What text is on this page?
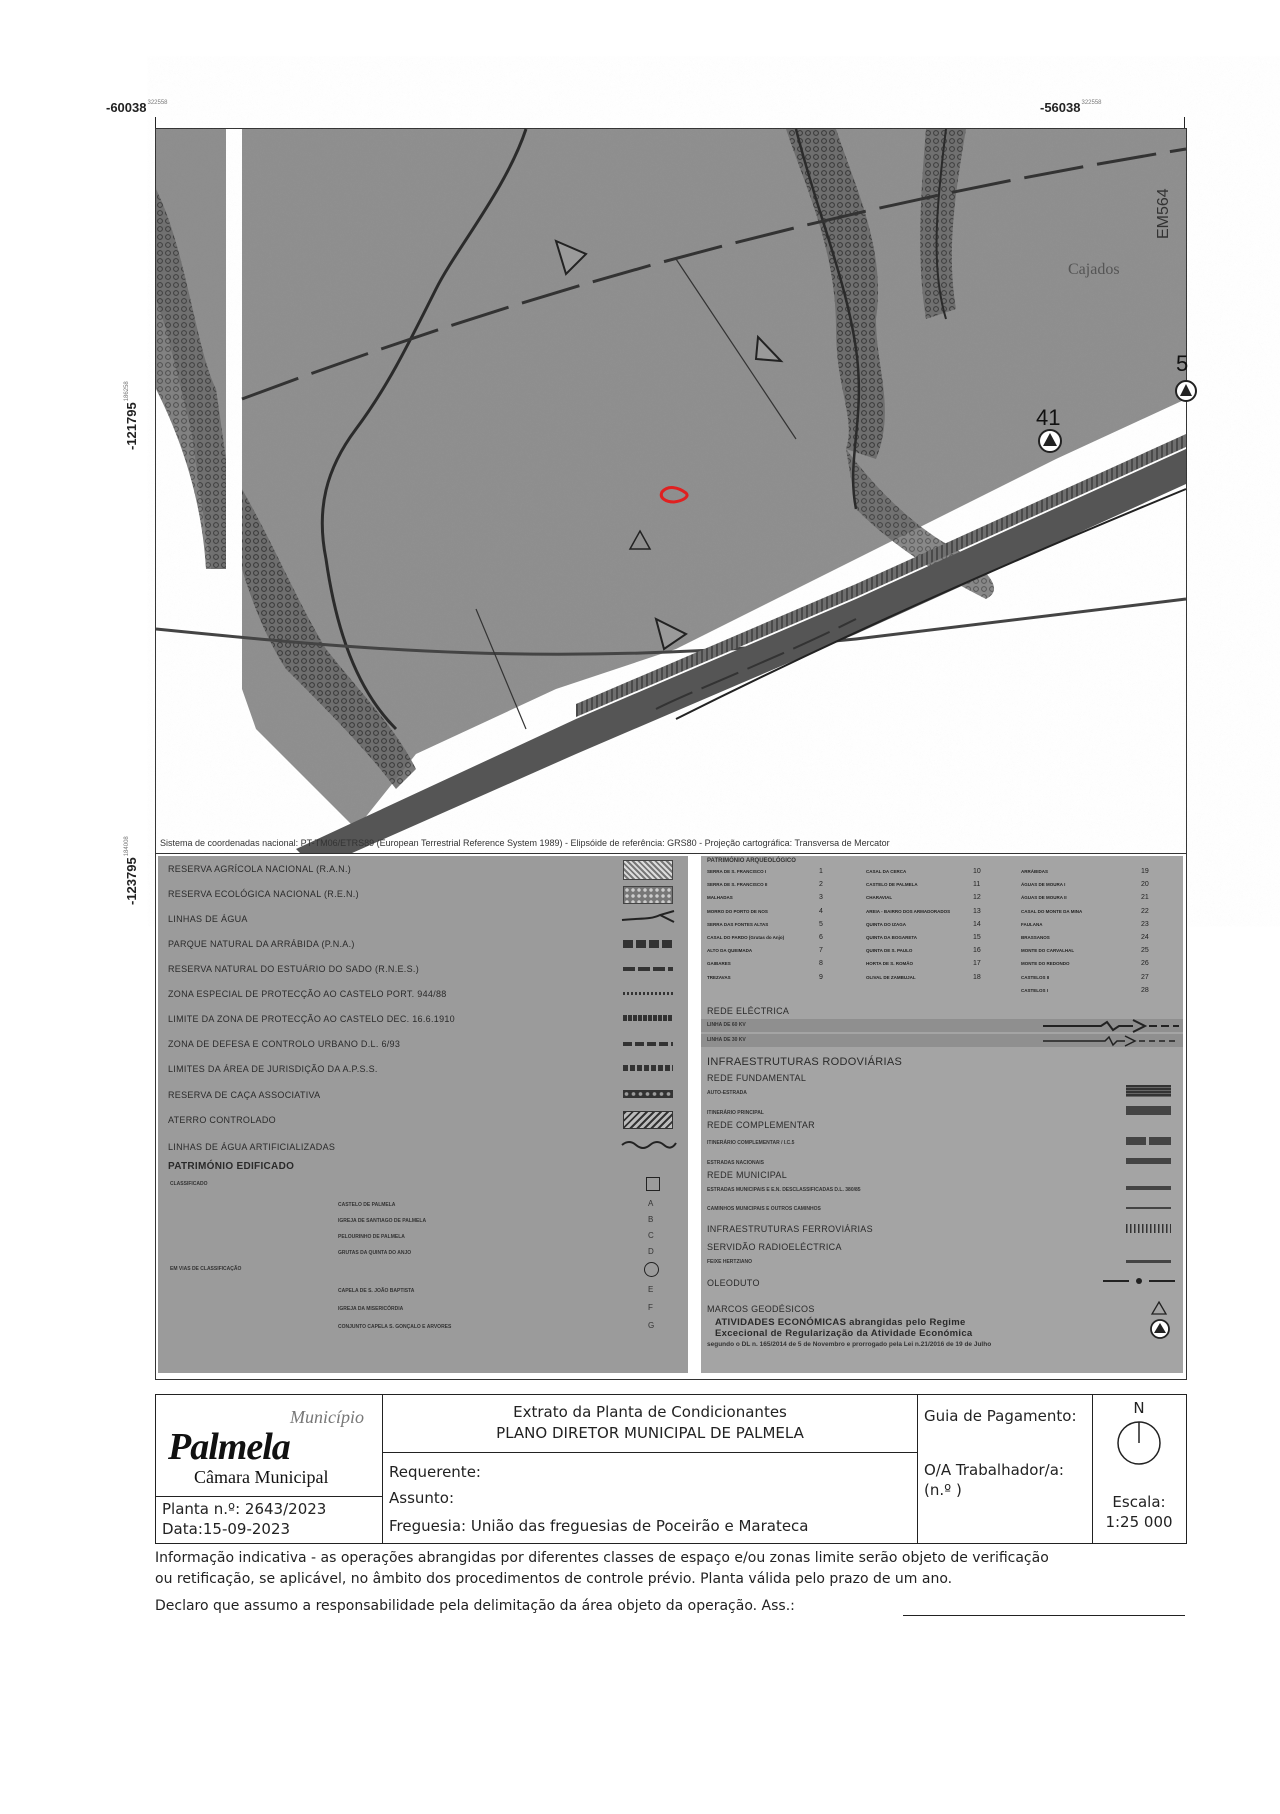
$-60038^{322558}$	$-56038^{322558}$
$-121795^{186258}$
$-123795^{184008}$
41
5
Cajados
EM564
Sistema de coordenadas nacional: PT-TM06/ETRS89 (European Terrestrial Reference System 1989) - Elipsóide de referência: GRS80 - Projeção cartográfica: Transversa de Mercator
RESERVA AGRÍCOLA NACIONAL (R.A.N.)
RESERVA ECOLÓGICA NACIONAL (R.E.N.)
LINHAS DE ÁGUA
PARQUE NATURAL DA ARRÁBIDA (P.N.A.)
RESERVA NATURAL DO ESTUÁRIO DO SADO (R.N.E.S.)
ZONA ESPECIAL DE PROTECÇÃO AO CASTELO PORT. 944/88
LIMITE DA ZONA DE PROTECÇÃO AO CASTELO DEC. 16.6.1910
ZONA DE DEFESA E CONTROLO URBANO D.L. 6/93
LIMITES DA ÁREA DE JURISDIÇÃO DA A.P.S.S.
RESERVA DE CAÇA ASSOCIATIVA
ATERRO CONTROLADO
LINHAS DE ÁGUA ARTIFICIALIZADAS
PATRIMÓNIO EDIFICADO
CLASSIFICADO
CASTELO DE PALMELA	A
IGREJA DE SANTIAGO DE PALMELA	B
PELOURINHO DE PALMELA	C
GRUTAS DA QUINTA DO ANJO	D
EM VIAS DE CLASSIFICAÇÃO
CAPELA DE S. JOÃO BAPTISTA	E
IGREJA DA MISERICÓRDIA	F
CONJUNTO CAPELA S. GONÇALO E ARVORES	G
PATRIMÓNIO ARQUEOLÓGICO
SERRA DE S. FRANCISCO I	1
SERRA DE S. FRANCISCO II	2
MALHADAS	3
MORRO DO PORTO DE NOS	4
SERRA DAS FONTES ALTAS	5
CASAL DO PARDO (Grutas do Anjo)	6
ALTO DA QUEIMADA	7
GAIBARES	8
TREZAVAS	9
CASAL DA CERCA	10
CASTELO DE PALMELA	11
CHARAVIAL	12
AREIA - BAIRRO DOS ARMADORADOS	13
QUINTA DO IZAGA	14
QUINTA DA BOGARETA	15
QUINTA DE S. PAULO	16
HORTA DE S. ROMÃO	17
OLIVAL DE ZAMBUJAL	18
ARRÁBIDAS	19
ÁGUAS DE MOURA I	20
ÁGUAS DE MOURA II	21
CASAL DO MONTE DA MINA	22
FAULANA	23
BRASSANOS	24
MONTE DO CARVALHAL	25
MONTE DO REDONDO	26
CASTELOS II	27
CASTELOS I	28
REDE ELÉCTRICA
LINHA DE 60 KV
LINHA DE 30 KV
INFRAESTRUTURAS RODOVIÁRIAS
REDE FUNDAMENTAL
AUTO-ESTRADA
ITINERÁRIO PRINCIPAL
REDE COMPLEMENTAR
ITINERÁRIO COMPLEMENTAR / I.C.5
ESTRADAS NACIONAIS
REDE MUNICIPAL
ESTRADAS MUNICIPAIS E E.N. DESCLASSIFICADAS D.L. 380/85
CAMINHOS MUNICIPAIS E OUTROS CAMINHOS
INFRAESTRUTURAS FERROVIÁRIAS
SERVIDÃO RADIOELÉCTRICA
FEIXE HERTZIANO
OLEODUTO
MARCOS GEODÉSICOS
ATIVIDADES ECONÓMICAS abrangidas pelo Regime
Excecional de Regularização da Atividade Económica
segundo o DL n. 165/2014 de 5 de Novembro e prorrogado pela Lei n.21/2016 de 19 de Julho
Município
Palmela
Câmara Municipal
Planta n.º: 2643/2023
Data:15-09-2023
Extrato da Planta de Condicionantes
PLANO DIRETOR MUNICIPAL DE PALMELA
Requerente:
Assunto:
Freguesia: União das freguesias de Poceirão e Marateca
Guia de Pagamento:
O/A Trabalhador/a:
(n.º )
N
Escala:
1:25 000
Informação indicativa - as operações abrangidas por diferentes classes de espaço e/ou zonas limite serão objeto de verificação
ou retificação, se aplicável, no âmbito dos procedimentos de controle prévio. Planta válida pelo prazo de um ano.
Declaro que assumo a responsabilidade pela delimitação da área objeto da operação. Ass.:
